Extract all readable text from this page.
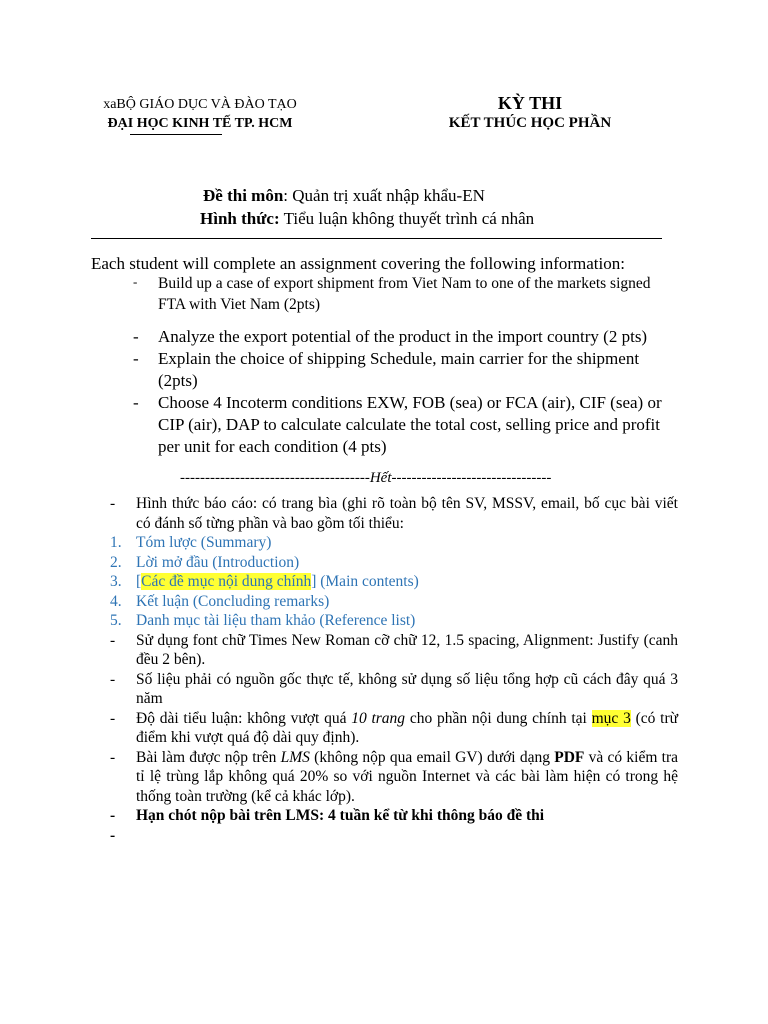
xaBỘ GIÁO DỤC VÀ ĐÀO TẠO
ĐẠI HỌC KINH TẾ TP. HCM
KỲ THI
KẾT THÚC HỌC PHẦN
Đề thi môn: Quản trị xuất nhập khẩu-EN
Hình thức: Tiểu luận không thuyết trình cá nhân
Each student will complete an assignment covering the following information:
- Build up a case of export shipment from Viet Nam to one of the markets signed FTA with Viet Nam (2pts)
- Analyze the export potential of the product in the import country (2 pts)
- Explain the choice of shipping Schedule, main carrier for the shipment (2pts)
- Choose 4 Incoterm conditions EXW, FOB (sea) or FCA (air), CIF (sea) or CIP (air), DAP to calculate calculate the total cost, selling price and profit per unit for each condition (4 pts)
--------------------------------------Hết--------------------------------
- Hình thức báo cáo: có trang bìa (ghi rõ toàn bộ tên SV, MSSV, email, bố cục bài viết có đánh số từng phần và bao gồm tối thiểu:
1. Tóm lược (Summary)
2. Lời mở đầu (Introduction)
3. [Các đề mục nội dung chính] (Main contents)
4. Kết luận (Concluding remarks)
5. Danh mục tài liệu tham khảo (Reference list)
- Sử dụng font chữ Times New Roman cỡ chữ 12, 1.5 spacing, Alignment: Justify (canh đều 2 bên).
- Số liệu phải có nguồn gốc thực tế, không sử dụng số liệu tổng hợp cũ cách đây quá 3 năm
- Độ dài tiểu luận: không vượt quá 10 trang cho phần nội dung chính tại mục 3 (có trừ điểm khi vượt quá độ dài quy định).
- Bài làm được nộp trên LMS (không nộp qua email GV) dưới dạng PDF và có kiểm tra tỉ lệ trùng lắp không quá 20% so với nguồn Internet và các bài làm hiện có trong hệ thống toàn trường (kể cả khác lớp).
- Hạn chót nộp bài trên LMS: 4 tuần kể từ khi thông báo đề thi
-
